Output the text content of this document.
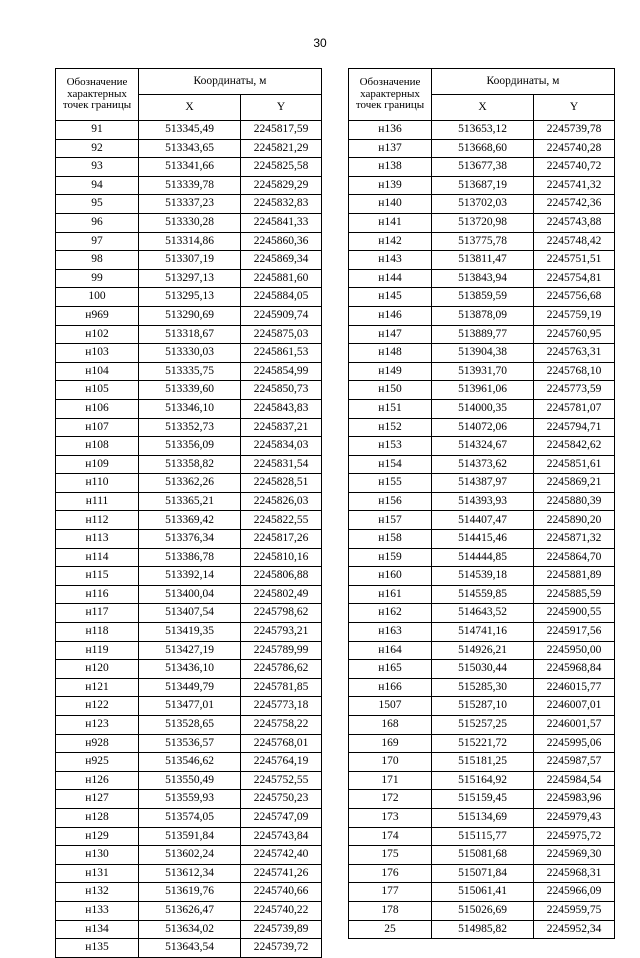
30
Обозначение характерных точек границы	Координаты, м	
	X	Y
91	513345,49	2245817,59
92	513343,65	2245821,29
93	513341,66	2245825,58
94	513339,78	2245829,29
95	513337,23	2245832,83
96	513330,28	2245841,33
97	513314,86	2245860,36
98	513307,19	2245869,34
99	513297,13	2245881,60
100	513295,13	2245884,05
н969	513290,69	2245909,74
н102	513318,67	2245875,03
н103	513330,03	2245861,53
н104	513335,75	2245854,99
н105	513339,60	2245850,73
н106	513346,10	2245843,83
н107	513352,73	2245837,21
н108	513356,09	2245834,03
н109	513358,82	2245831,54
н110	513362,26	2245828,51
н111	513365,21	2245826,03
н112	513369,42	2245822,55
н113	513376,34	2245817,26
н114	513386,78	2245810,16
н115	513392,14	2245806,88
н116	513400,04	2245802,49
н117	513407,54	2245798,62
н118	513419,35	2245793,21
н119	513427,19	2245789,99
н120	513436,10	2245786,62
н121	513449,79	2245781,85
н122	513477,01	2245773,18
н123	513528,65	2245758,22
н928	513536,57	2245768,01
н925	513546,62	2245764,19
н126	513550,49	2245752,55
н127	513559,93	2245750,23
н128	513574,05	2245747,09
н129	513591,84	2245743,84
н130	513602,24	2245742,40
н131	513612,34	2245741,26
н132	513619,76	2245740,66
н133	513626,47	2245740,22
н134	513634,02	2245739,89
н135	513643,54	2245739,72
Обозначение характерных точек границы	Координаты, м	
	X	Y
н136	513653,12	2245739,78
н137	513668,60	2245740,28
н138	513677,38	2245740,72
н139	513687,19	2245741,32
н140	513702,03	2245742,36
н141	513720,98	2245743,88
н142	513775,78	2245748,42
н143	513811,47	2245751,51
н144	513843,94	2245754,81
н145	513859,59	2245756,68
н146	513878,09	2245759,19
н147	513889,77	2245760,95
н148	513904,38	2245763,31
н149	513931,70	2245768,10
н150	513961,06	2245773,59
н151	514000,35	2245781,07
н152	514072,06	2245794,71
н153	514324,67	2245842,62
н154	514373,62	2245851,61
н155	514387,97	2245869,21
н156	514393,93	2245880,39
н157	514407,47	2245890,20
н158	514415,46	2245871,32
н159	514444,85	2245864,70
н160	514539,18	2245881,89
н161	514559,85	2245885,59
н162	514643,52	2245900,55
н163	514741,16	2245917,56
н164	514926,21	2245950,00
н165	515030,44	2245968,84
н166	515285,30	2246015,77
1507	515287,10	2246007,01
168	515257,25	2246001,57
169	515221,72	2245995,06
170	515181,25	2245987,57
171	515164,92	2245984,54
172	515159,45	2245983,96
173	515134,69	2245979,43
174	515115,77	2245975,72
175	515081,68	2245969,30
176	515071,84	2245968,31
177	515061,41	2245966,09
178	515026,69	2245959,75
25	514985,82	2245952,34
